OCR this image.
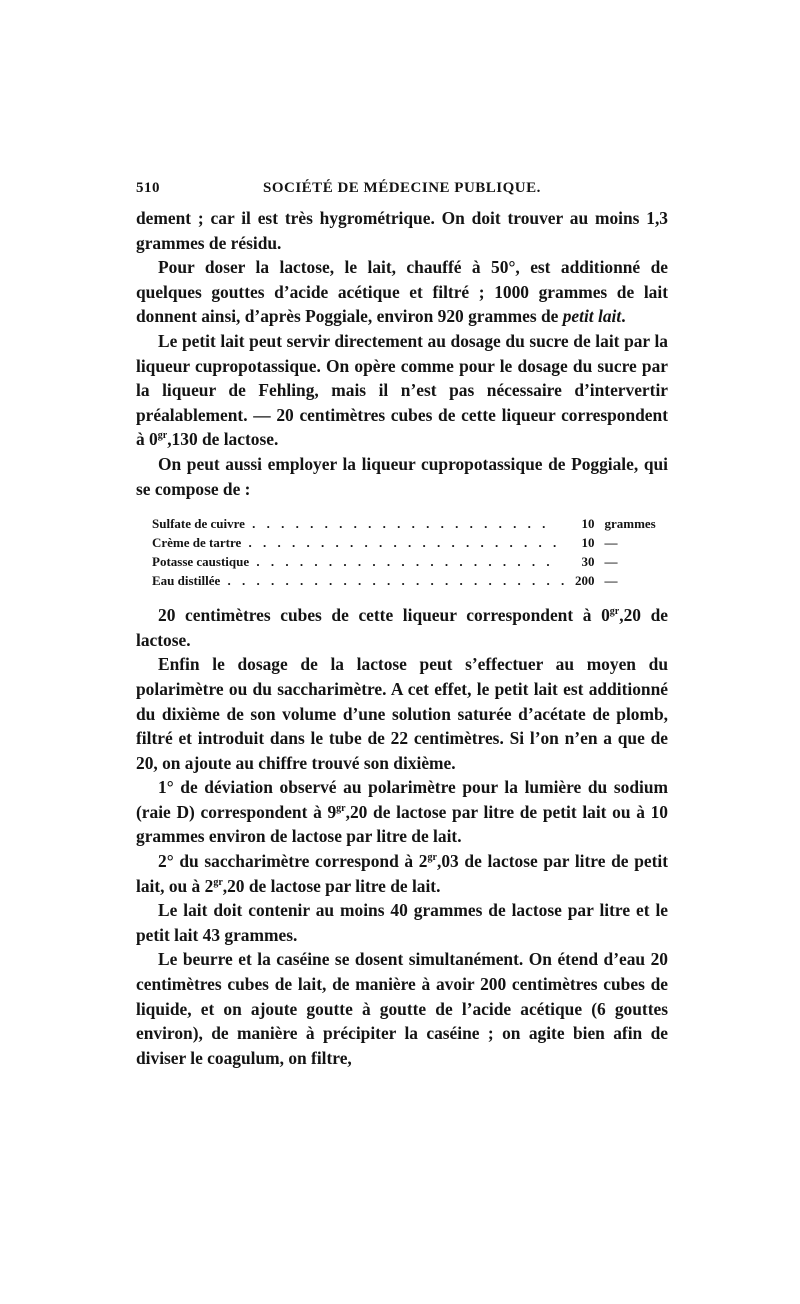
510	SOCIÉTÉ DE MÉDECINE PUBLIQUE.

dement ; car il est très hygrométrique. On doit trouver au moins 1,3 grammes de résidu.

Pour doser la lactose, le lait, chauffé à 50°, est additionné de quelques gouttes d’acide acétique et filtré ; 1000 grammes de lait donnent ainsi, d’après Poggiale, environ 920 grammes de petit lait.

Le petit lait peut servir directement au dosage du sucre de lait par la liqueur cupropotassique. On opère comme pour le dosage du sucre par la liqueur de Fehling, mais il n’est pas nécessaire d’intervertir préalablement. — 20 centimètres cubes de cette liqueur correspondent à $0^{gr},130$ de lactose.

On peut aussi employer la liqueur cupropotassique de Poggiale, qui se compose de :

Sulfate de cuivre . . . . . . . . . . . . . . . . . . . . .	10	grammes
Crème de tartre . . . . . . . . . . . . . . . . . . . . . .	10	—
Potasse caustique . . . . . . . . . . . . . . . . . . . . .	30	—
Eau distillée . . . . . . . . . . . . . . . . . . . . . . . .	200	—

20 centimètres cubes de cette liqueur correspondent à $0^{gr},20$ de lactose.

Enfin le dosage de la lactose peut s’effectuer au moyen du polarimètre ou du saccharimètre. A cet effet, le petit lait est additionné du dixième de son volume d’une solution saturée d’acétate de plomb, filtré et introduit dans le tube de 22 centimètres. Si l’on n’en a que de 20, on ajoute au chiffre trouvé son dixième.

1° de déviation observé au polarimètre pour la lumière du sodium (raie D) correspondent à $9^{gr},20$ de lactose par litre de petit lait ou à 10 grammes environ de lactose par litre de lait.

2° du saccharimètre correspond à $2^{gr},03$ de lactose par litre de petit lait, ou à $2^{gr},20$ de lactose par litre de lait.

Le lait doit contenir au moins 40 grammes de lactose par litre et le petit lait 43 grammes.

Le beurre et la caséine se dosent simultanément. On étend d’eau 20 centimètres cubes de lait, de manière à avoir 200 centimètres cubes de liquide, et on ajoute goutte à goutte de l’acide acétique (6 gouttes environ), de manière à précipiter la caséine ; on agite bien afin de diviser le coagulum, on filtre,
